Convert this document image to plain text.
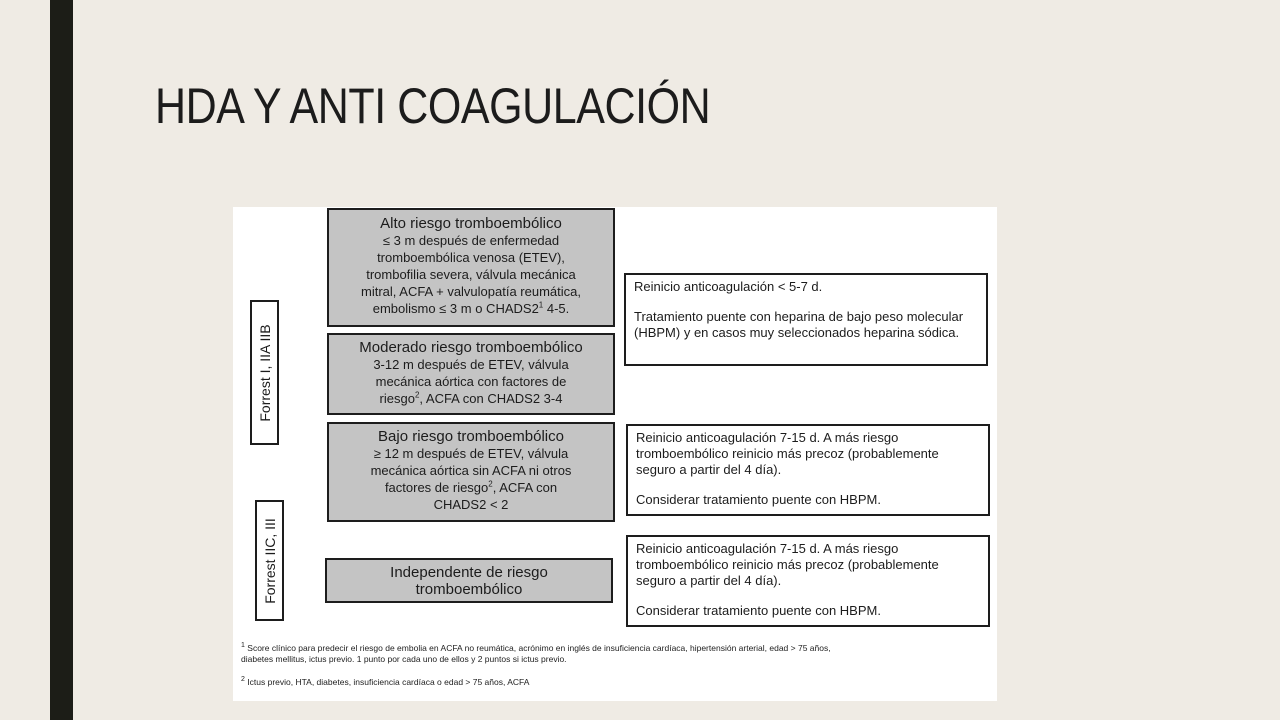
HDA Y ANTI COAGULACIÓN
Forrest I, IIA IIB
Forrest IIC, III
Alto riesgo tromboembólico
≤ 3 m después de enfermedad
tromboembólica venosa (ETEV),
trombofilia severa, válvula mecánica
mitral, ACFA + valvulopatía reumática,
embolismo ≤ 3 m o $CHADS2^1$ 4-5.
Moderado riesgo tromboembólico
3-12 m después de ETEV, válvula
mecánica aórtica con factores de
riesgo$^2$, ACFA con CHADS2 3-4
Bajo riesgo tromboembólico
≥ 12 m después de ETEV, válvula
mecánica aórtica sin ACFA ni otros
factores de riesgo$^2$, ACFA con
CHADS2 < 2
Independente de riesgo
tromboembólico

Reinicio anticoagulación < 5-7 d.

Tratamiento puente con heparina de bajo peso molecular (HBPM) y en casos muy seleccionados heparina sódica.

Reinicio anticoagulación 7-15 d. A más riesgo tromboembólico reinicio más precoz (probablemente seguro a partir del 4 día).

Considerar tratamiento puente con HBPM.

Reinicio anticoagulación 7-15 d. A más riesgo tromboembólico reinicio más precoz (probablemente seguro a partir del 4 día).

Considerar tratamiento puente con HBPM.

$^1$ Score clínico para predecir el riesgo de embolia en ACFA no reumática, acrónimo en inglés de insuficiencia cardíaca, hipertensión arterial, edad > 75 años,
diabetes mellitus, ictus previo. 1 punto por cada uno de ellos y 2 puntos si ictus previo.
$^2$ Ictus previo, HTA, diabetes, insuficiencia cardíaca o edad > 75 años, ACFA
